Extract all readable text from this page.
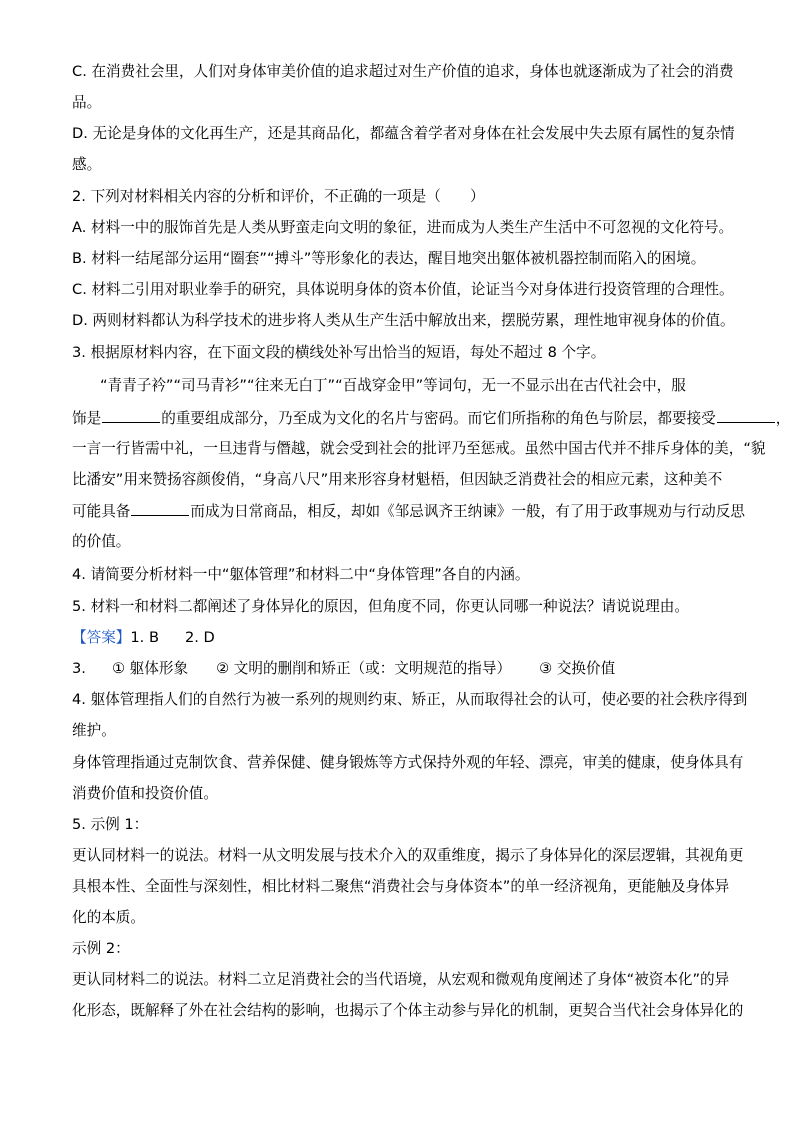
C. 在消费社会里，人们对身体审美价值的追求超过对生产价值的追求，身体也就逐渐成为了社会的消费
品。
D. 无论是身体的文化再生产，还是其商品化，都蕴含着学者对身体在社会发展中失去原有属性的复杂情
感。
2. 下列对材料相关内容的分析和评价，不正确的一项是（　　）
A. 材料一中的服饰首先是人类从野蛮走向文明的象征，进而成为人类生产生活中不可忽视的文化符号。
B. 材料一结尾部分运用“圈套”“搏斗”等形象化的表达，醒目地突出躯体被机器控制而陷入的困境。
C. 材料二引用对职业拳手的研究，具体说明身体的资本价值，论证当今对身体进行投资管理的合理性。
D. 两则材料都认为科学技术的进步将人类从生产生活中解放出来，摆脱劳累，理性地审视身体的价值。
3. 根据原材料内容，在下面文段的横线处补写出恰当的短语，每处不超过 8 个字。
“青青子衿”“司马青衫”“往来无白丁”“百战穿金甲”等词句，无一不显示出在古代社会中，服
饰是	的重要组成部分，乃至成为文化的名片与密码。而它们所指称的角色与阶层，都要接受	，
一言一行皆需中礼，一旦违背与僭越，就会受到社会的批评乃至惩戒。虽然中国古代并不排斥身体的美，“貌
比潘安”用来赞扬容颜俊俏，“身高八尺”用来形容身材魁梧，但因缺乏消费社会的相应元素，这种美不
可能具备	而成为日常商品，相反，却如《邹忌讽齐王纳谏》一般，有了用于政事规劝与行动反思
的价值。
4. 请简要分析材料一中“躯体管理”和材料二中“身体管理”各自的内涵。
5. 材料一和材料二都阐述了身体异化的原因，但角度不同，你更认同哪一种说法？请说说理由。
【答案】1. B 2. D
3. ① 躯体形象 ② 文明的删削和矫正（或：文明规范的指导） ③ 交换价值
4. 躯体管理指人们的自然行为被一系列的规则约束、矫正，从而取得社会的认可，使必要的社会秩序得到
维护。
身体管理指通过克制饮食、营养保健、健身锻炼等方式保持外观的年轻、漂亮，审美的健康，使身体具有
消费价值和投资价值。
5. 示例 1：
更认同材料一的说法。材料一从文明发展与技术介入的双重维度，揭示了身体异化的深层逻辑，其视角更
具根本性、全面性与深刻性，相比材料二聚焦“消费社会与身体资本”的单一经济视角，更能触及身体异
化的本质。
示例 2：
更认同材料二的说法。材料二立足消费社会的当代语境，从宏观和微观角度阐述了身体“被资本化”的异
化形态，既解释了外在社会结构的影响，也揭示了个体主动参与异化的机制，更契合当代社会身体异化的
